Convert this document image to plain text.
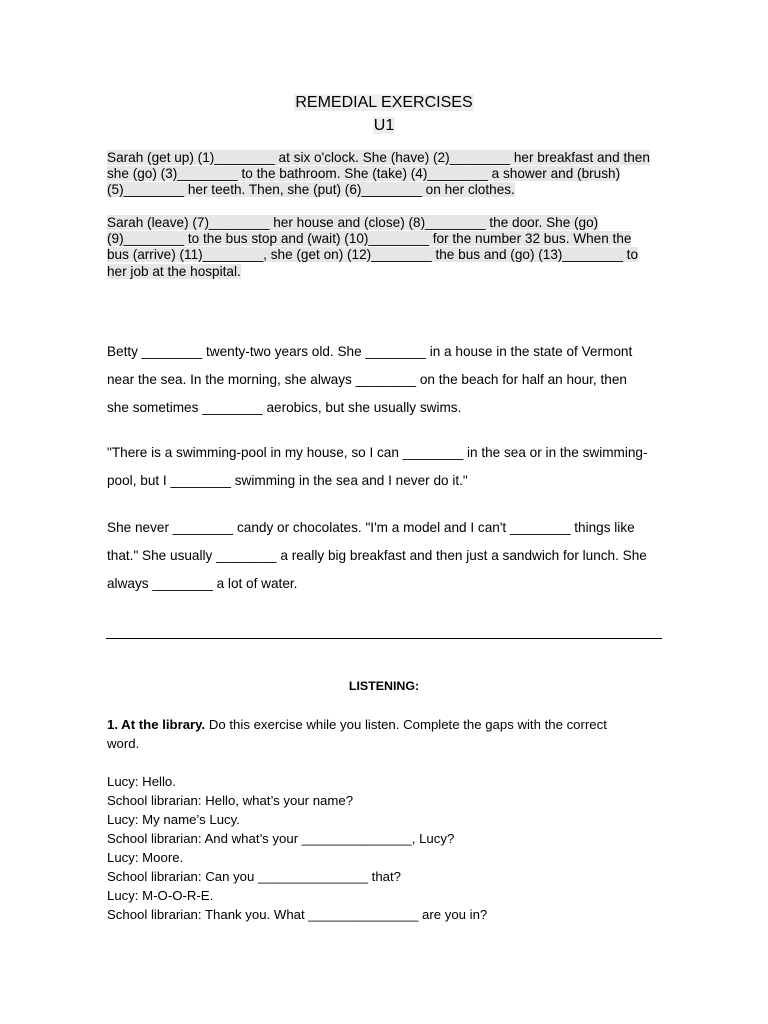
REMEDIAL EXERCISES
U1
Sarah (get up) (1)________ at six o'clock. She (have) (2)________ her breakfast and then
she (go) (3)________ to the bathroom. She (take) (4)________ a shower and (brush)
(5)________ her teeth. Then, she (put) (6)________ on her clothes.
Sarah (leave) (7)________ her house and (close) (8)________ the door. She (go)
(9)________ to the bus stop and (wait) (10)________ for the number 32 bus. When the
bus (arrive) (11)________, she (get on) (12)________ the bus and (go) (13)________ to
her job at the hospital.
Betty ________ twenty-two years old. She ________ in a house in the state of Vermont
near the sea. In the morning, she always ________ on the beach for half an hour, then
she sometimes ________ aerobics, but she usually swims.
"There is a swimming-pool in my house, so I can ________ in the sea or in the swimming-
pool, but I ________ swimming in the sea and I never do it."
She never ________ candy or chocolates. "I'm a model and I can't ________ things like
that." She usually ________ a really big breakfast and then just a sandwich for lunch. She
always ________ a lot of water.
LISTENING:
1. At the library. Do this exercise while you listen. Complete the gaps with the correct
word.
Lucy: Hello.
School librarian: Hello, what’s your name?
Lucy: My name’s Lucy.
School librarian: And what’s your _______________, Lucy?
Lucy: Moore.
School librarian: Can you _______________ that?
Lucy: M-O-O-R-E.
School librarian: Thank you. What _______________ are you in?
